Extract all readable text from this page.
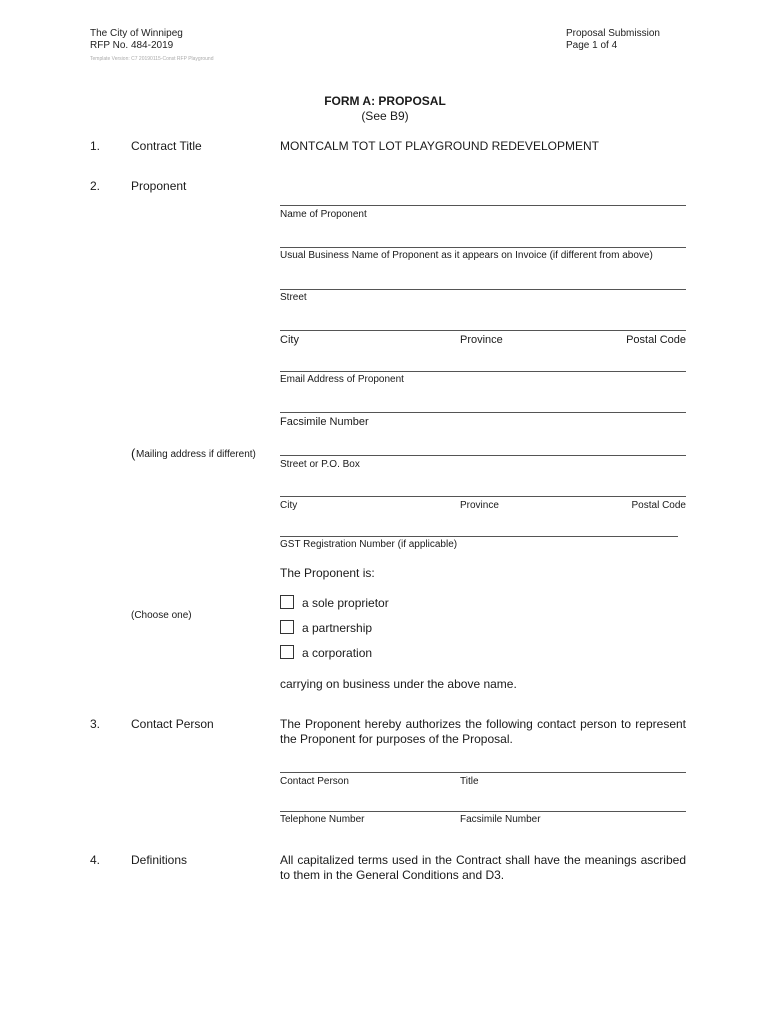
The City of Winnipeg
RFP No. 484-2019
Template Version: C7 20190115-Const RFP Playground
Proposal Submission
Page 1 of 4
FORM A: PROPOSAL
(See B9)
1.	Contract Title	MONTCALM TOT LOT PLAYGROUND REDEVELOPMENT
2.	Proponent
Name of Proponent
Usual Business Name of Proponent as it appears on Invoice (if different from above)
Street
City	Province	Postal Code
Email Address of Proponent
Facsimile Number
( Mailing address if different)
Street or P.O. Box
City	Province	Postal Code
GST Registration Number (if applicable)
The Proponent is:
(Choose one)
a sole proprietor
a partnership
a corporation
carrying on business under the above name.
3.	Contact Person	The Proponent hereby authorizes the following contact person to represent the Proponent for purposes of the Proposal.
Contact Person	Title
Telephone Number	Facsimile Number
4.	Definitions	All capitalized terms used in the Contract shall have the meanings ascribed to them in the General Conditions and D3.
